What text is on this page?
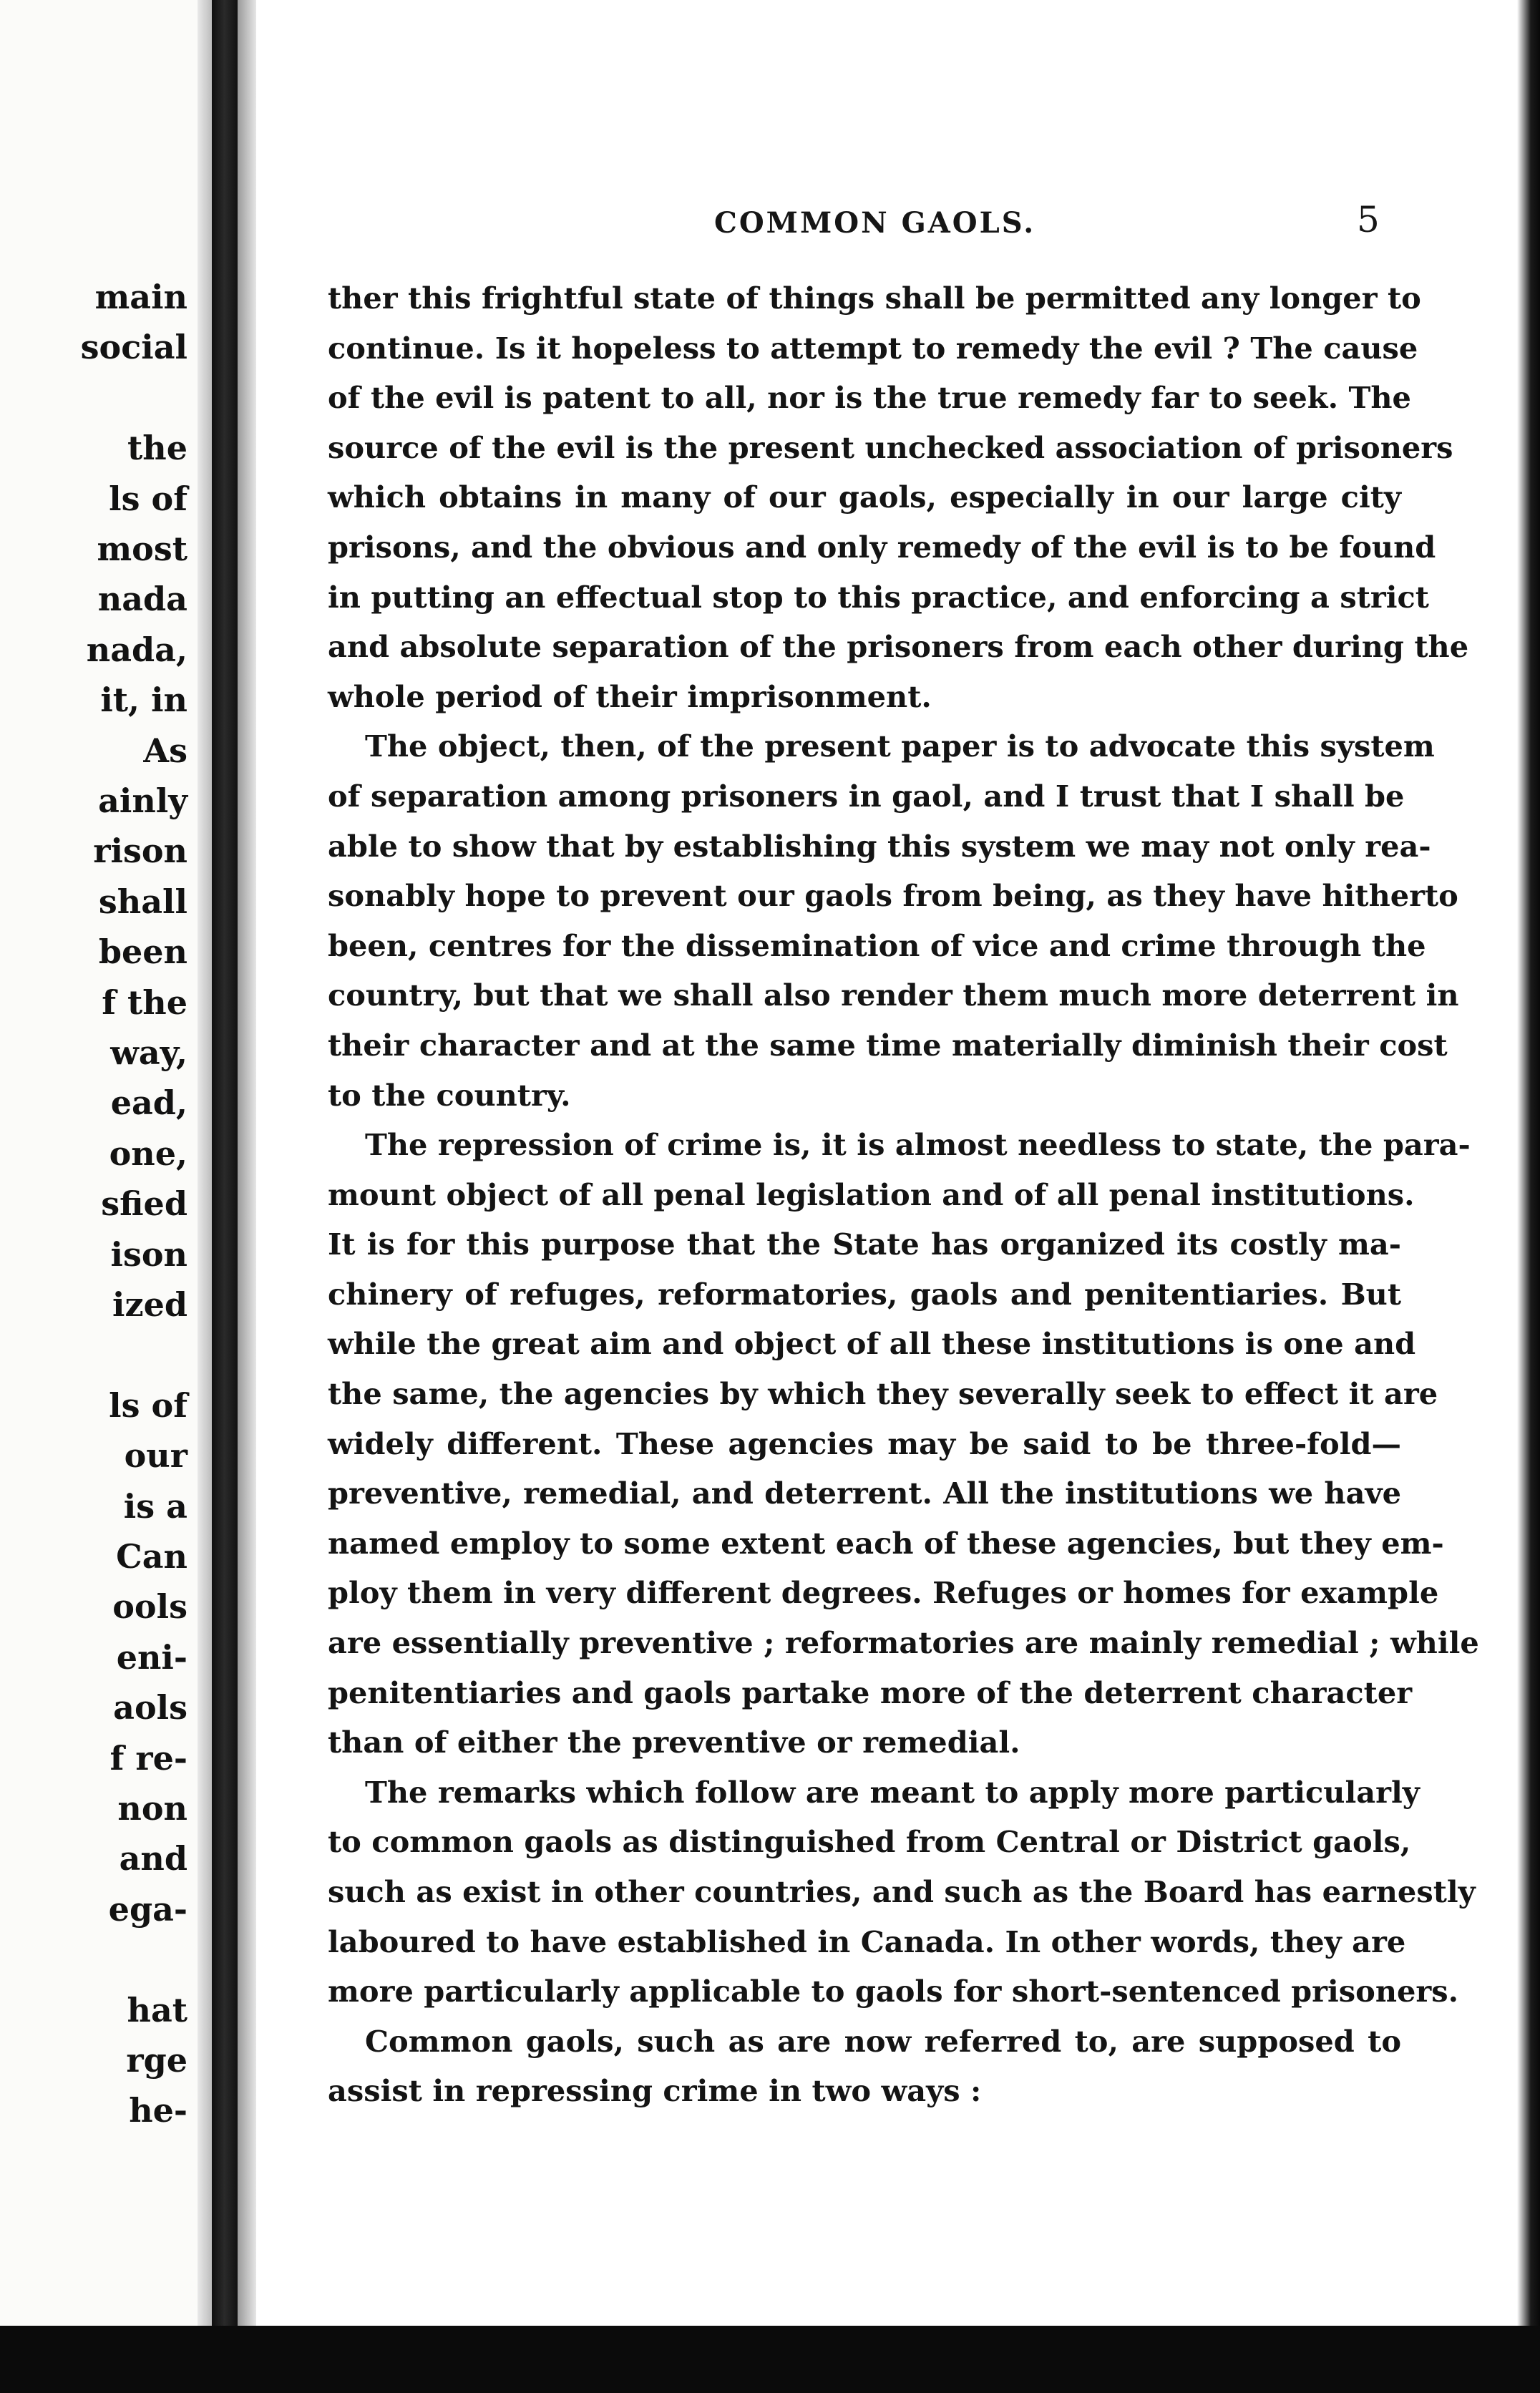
main
social
the
ls of
most
nada
nada,
it, in
As
ainly
rison
shall
been
f the
way,
ead,
one,
sfied
ison
ized
ls of
our
is a
Can
ools
eni-
aols
f re-
non
and
ega-
hat
rge
he-
COMMON GAOLS.	5
ther this frightful state of things shall be permitted any longer to
continue. Is it hopeless to attempt to remedy the evil ? The cause
of the evil is patent to all, nor is the true remedy far to seek. The
source of the evil is the present unchecked association of prisoners
which obtains in many of our gaols, especially in our large city
prisons, and the obvious and only remedy of the evil is to be found
in putting an effectual stop to this practice, and enforcing a strict
and absolute separation of the prisoners from each other during the
whole period of their imprisonment.
The object, then, of the present paper is to advocate this system
of separation among prisoners in gaol, and I trust that I shall be
able to show that by establishing this system we may not only rea-
sonably hope to prevent our gaols from being, as they have hitherto
been, centres for the dissemination of vice and crime through the
country, but that we shall also render them much more deterrent in
their character and at the same time materially diminish their cost
to the country.
The repression of crime is, it is almost needless to state, the para-
mount object of all penal legislation and of all penal institutions.
It is for this purpose that the State has organized its costly ma-
chinery of refuges, reformatories, gaols and penitentiaries. But
while the great aim and object of all these institutions is one and
the same, the agencies by which they severally seek to effect it are
widely different. These agencies may be said to be three-fold—
preventive, remedial, and deterrent. All the institutions we have
named employ to some extent each of these agencies, but they em-
ploy them in very different degrees. Refuges or homes for example
are essentially preventive ; reformatories are mainly remedial ; while
penitentiaries and gaols partake more of the deterrent character
than of either the preventive or remedial.
The remarks which follow are meant to apply more particularly
to common gaols as distinguished from Central or District gaols,
such as exist in other countries, and such as the Board has earnestly
laboured to have established in Canada. In other words, they are
more particularly applicable to gaols for short-sentenced prisoners.
Common gaols, such as are now referred to, are supposed to
assist in repressing crime in two ways :
